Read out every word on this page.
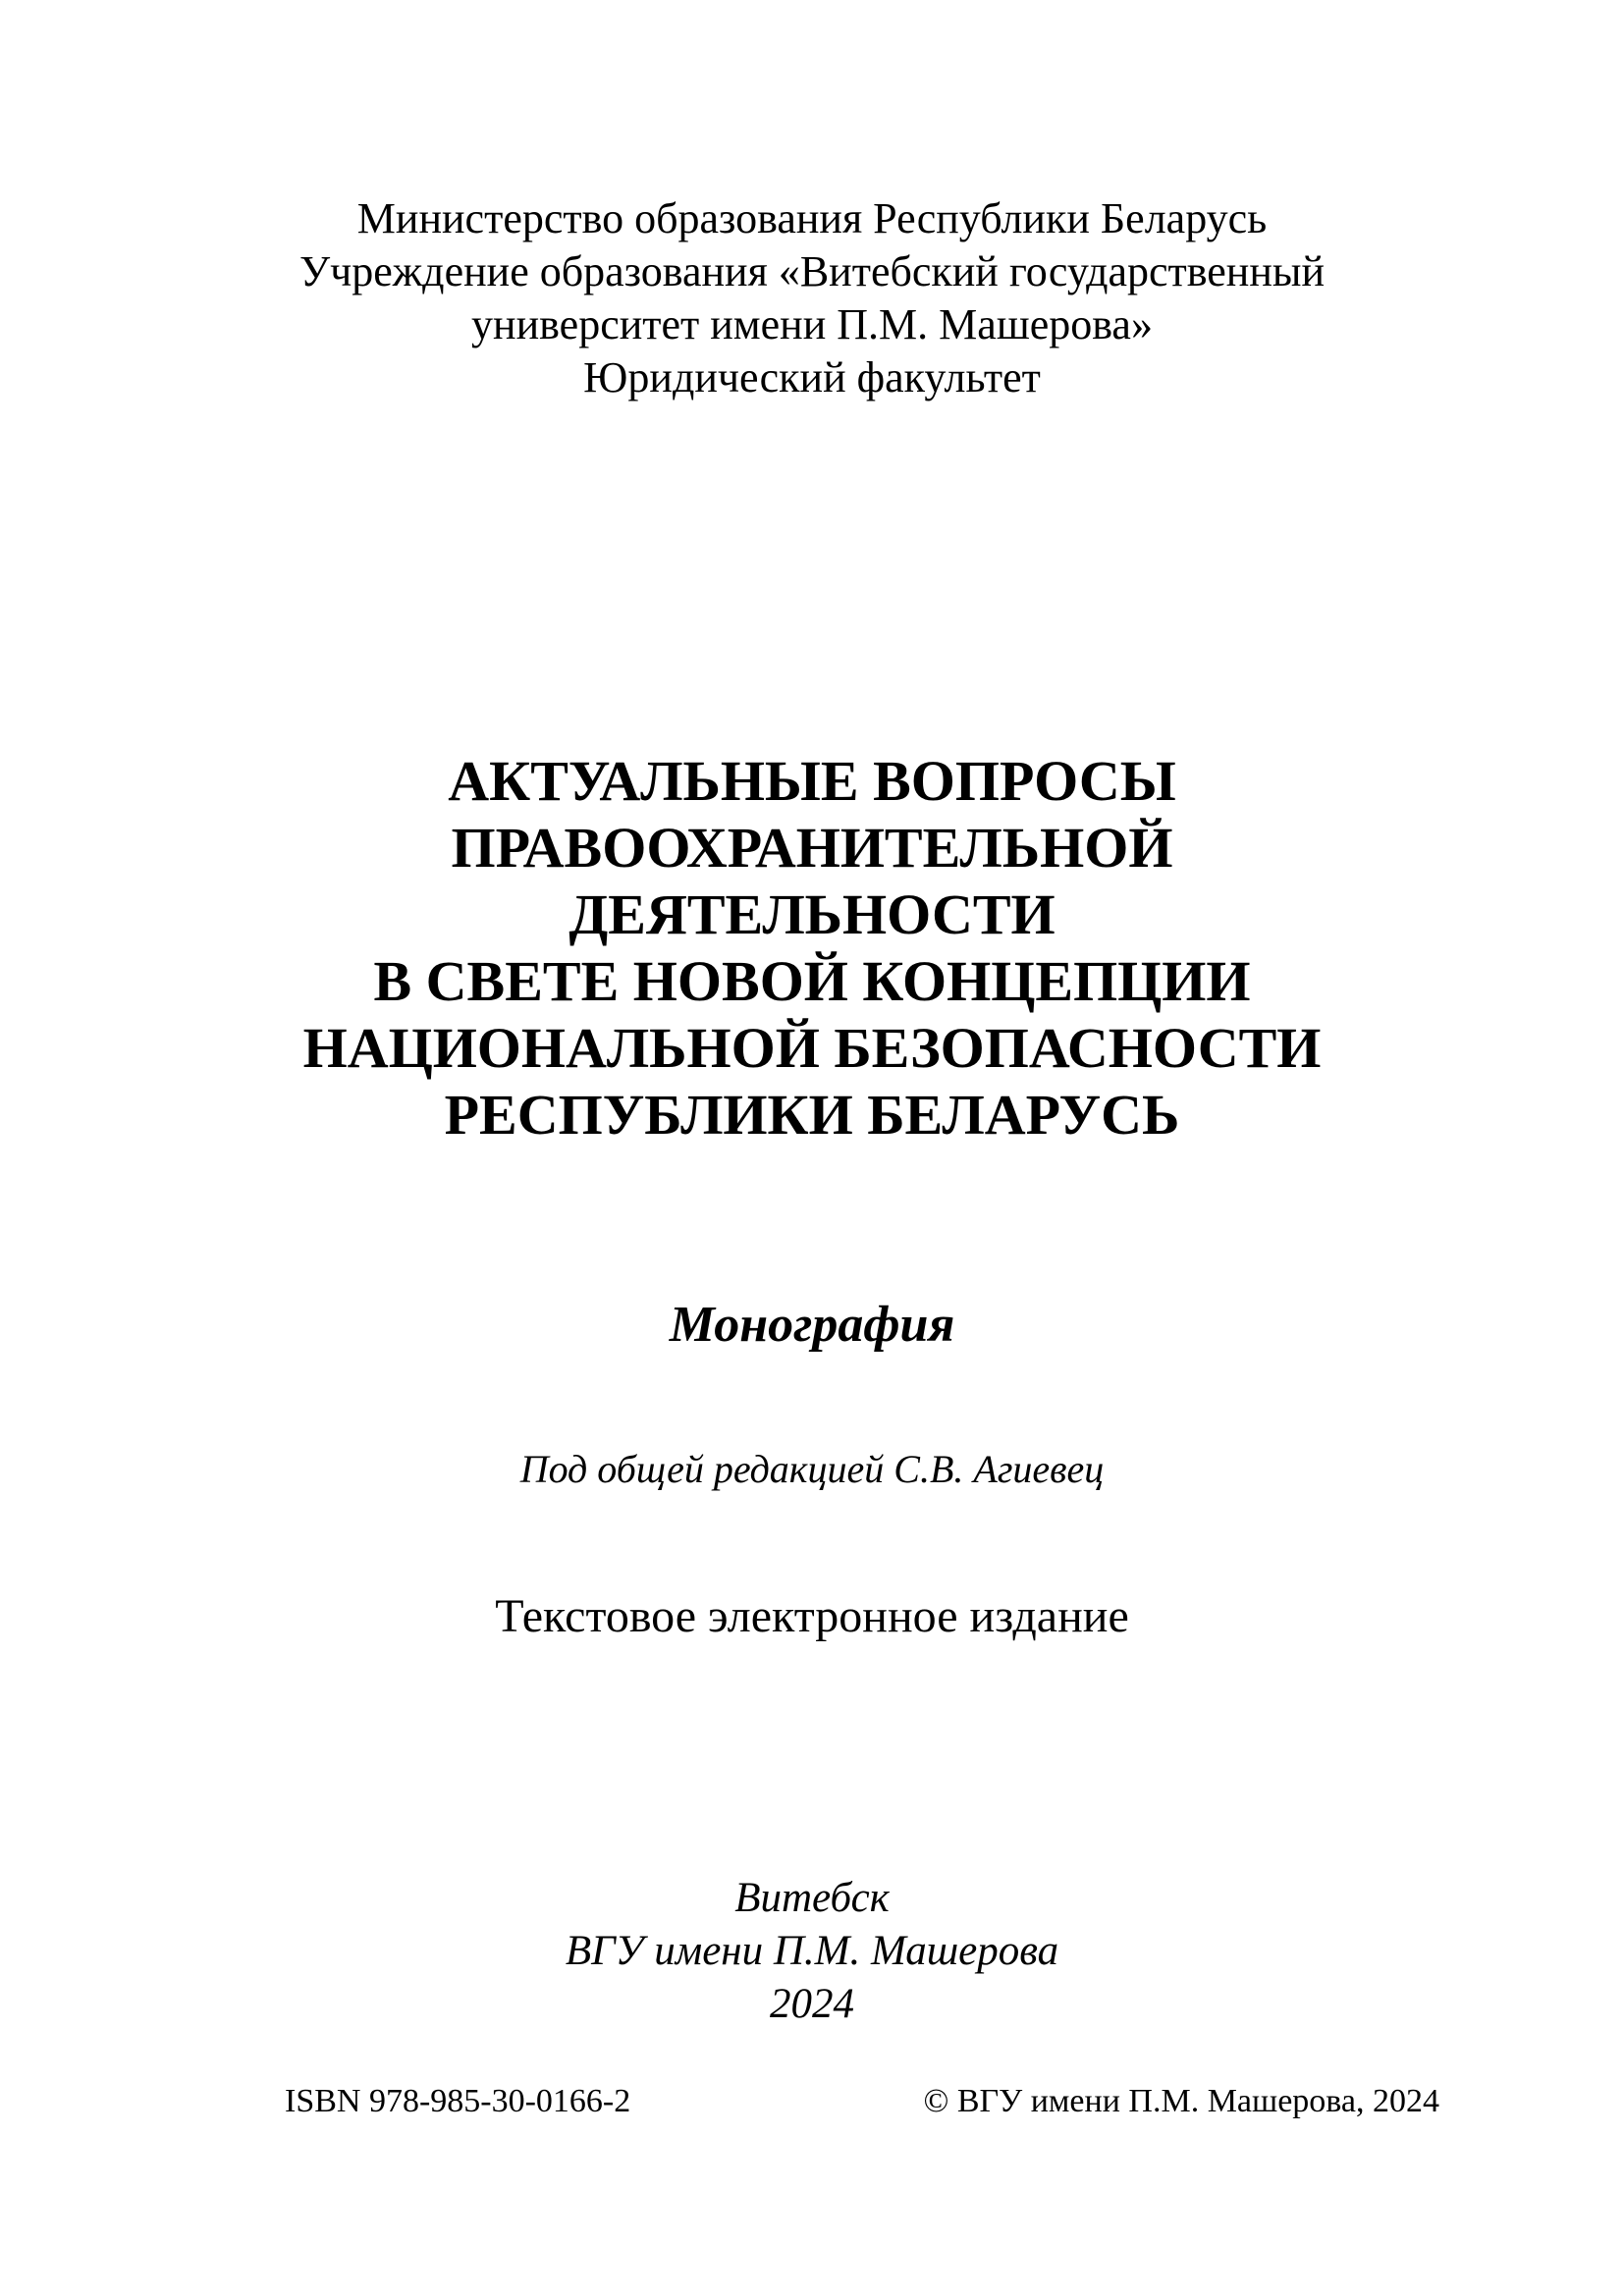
Министерство образования Республики Беларусь
Учреждение образования «Витебский государственный
университет имени П.М. Машерова»
Юридический факультет
АКТУАЛЬНЫЕ ВОПРОСЫ
ПРАВООХРАНИТЕЛЬНОЙ
ДЕЯТЕЛЬНОСТИ
В СВЕТЕ НОВОЙ КОНЦЕПЦИИ
НАЦИОНАЛЬНОЙ БЕЗОПАСНОСТИ
РЕСПУБЛИКИ БЕЛАРУСЬ
Монография
Под общей редакцией С.В. Агиевец
Текстовое электронное издание
Витебск
ВГУ имени П.М. Машерова
2024
ISBN 978-985-30-0166-2	© ВГУ имени П.М. Машерова, 2024
